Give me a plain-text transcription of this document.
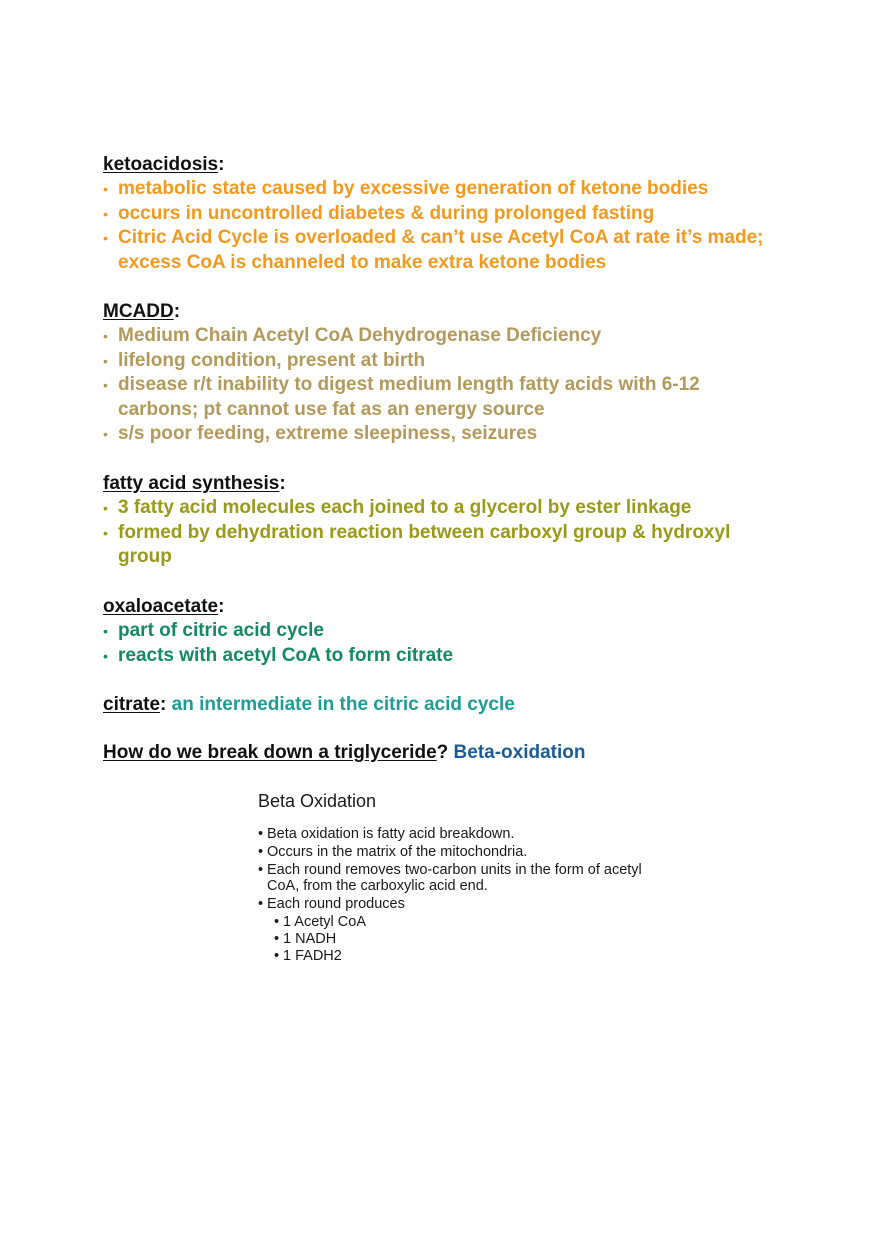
ketoacidosis:
• metabolic state caused by excessive generation of ketone bodies
• occurs in uncontrolled diabetes & during prolonged fasting
• Citric Acid Cycle is overloaded & can’t use Acetyl CoA at rate it’s made; excess CoA is channeled to make extra ketone bodies
MCADD:
• Medium Chain Acetyl CoA Dehydrogenase Deficiency
• lifelong condition, present at birth
• disease r/t inability to digest medium length fatty acids with 6-12 carbons; pt cannot use fat as an energy source
• s/s poor feeding, extreme sleepiness, seizures
fatty acid synthesis:
• 3 fatty acid molecules each joined to a glycerol by ester linkage
• formed by dehydration reaction between carboxyl group & hydroxyl group
oxaloacetate:
• part of citric acid cycle
• reacts with acetyl CoA to form citrate
citrate: an intermediate in the citric acid cycle
How do we break down a triglyceride? Beta-oxidation
Beta Oxidation
• Beta oxidation is fatty acid breakdown.
• Occurs in the matrix of the mitochondria.
• Each round removes two-carbon units in the form of acetyl CoA, from the carboxylic acid end.
• Each round produces
• 1 Acetyl CoA
• 1 NADH
• 1 FADH2
